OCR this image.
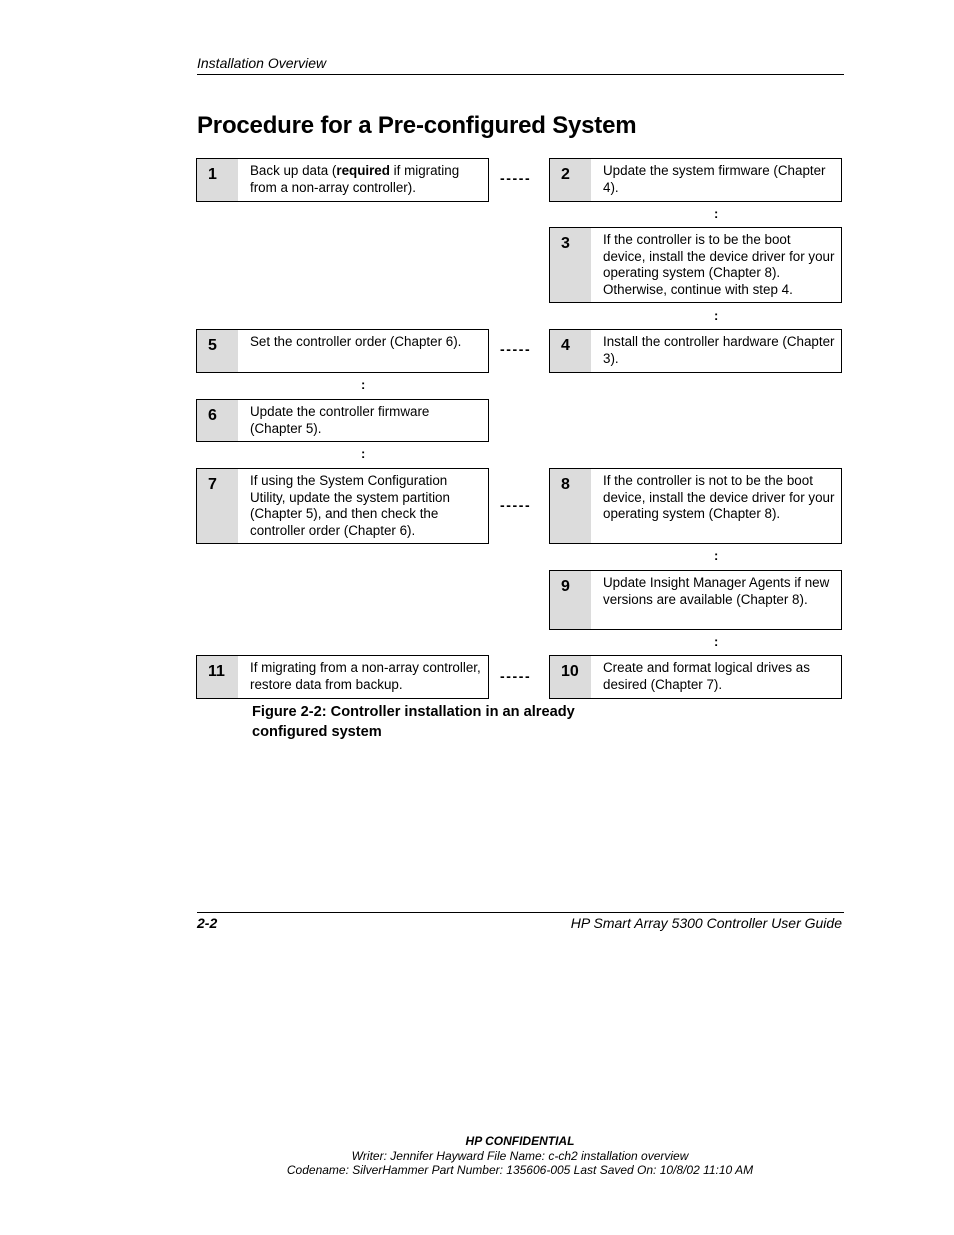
Installation Overview
Procedure for a Pre-configured System
1	Back up data (required if migrating from a non-array controller).
-----	2	Update the system firmware (Chapter 4).
:
3	If the controller is to be the boot device, install the device driver for your operating system (Chapter 8). Otherwise, continue with step 4.
:
5	Set the controller order (Chapter 6).	-----	4	Install the controller hardware (Chapter 3).
:
6	Update the controller firmware (Chapter 5).
:
7	If using the System Configuration Utility, update the system partition (Chapter 5), and then check the controller order (Chapter 6).
-----
8	If the controller is not to be the boot device, install the device driver for your operating system (Chapter 8).
:
9	Update Insight Manager Agents if new versions are available (Chapter 8).
:
11	If migrating from a non-array controller, restore data from backup.	-----	10	Create and format logical drives as desired (Chapter 7).
Figure 2-2: Controller installation in an already configured system
2-2	HP Smart Array 5300 Controller User Guide
HP CONFIDENTIAL
Writer: Jennifer Hayward File Name: c-ch2 installation overview
Codename: SilverHammer Part Number: 135606-005 Last Saved On: 10/8/02 11:10 AM
